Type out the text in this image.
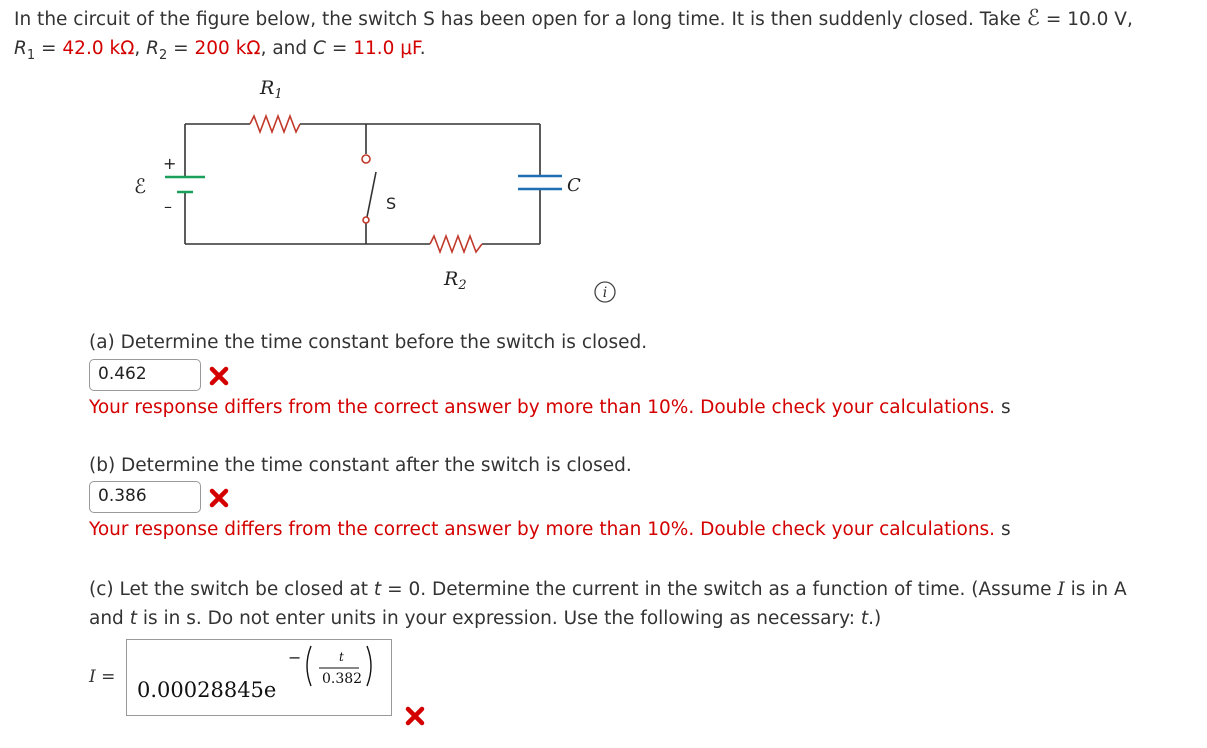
In the circuit of the figure below, the switch S has been open for a long time. It is then suddenly closed. Take ℰ = 10.0 V,
$R_1 = 42.0$ kΩ, $R_2 = 200$ kΩ, and C = 11.0 μF.
$R_1$
$R_2$
ℰ
+
–	S
C
i
(a) Determine the time constant before the switch is closed.
0.462
Your response differs from the correct answer by more than 10%. Double check your calculations. s
(b) Determine the time constant after the switch is closed.
0.386
Your response differs from the correct answer by more than 10%. Double check your calculations. s
(c) Let the switch be closed at t = 0. Determine the current in the switch as a function of time. (Assume I is in A
and t is in s. Do not enter units in your expression. Use the following as necessary: t.)
I =
0.00028845e
−	t
0.382
